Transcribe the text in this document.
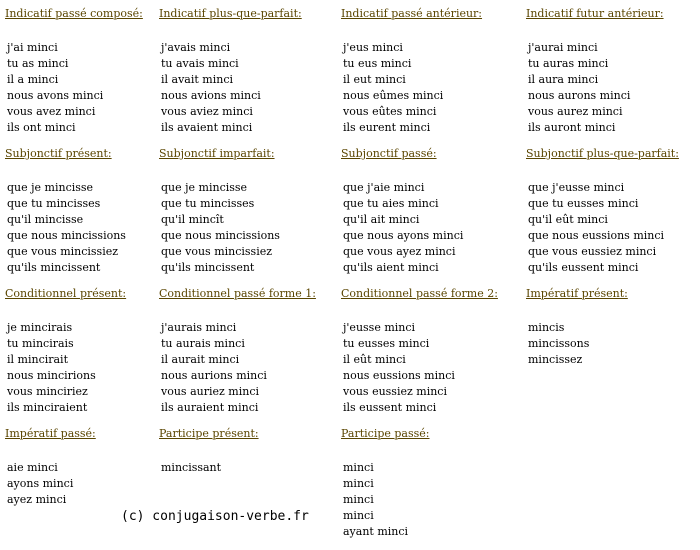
Indicatif passé composé:
j'ai minci
tu as minci
il a minci
nous avons minci
vous avez minci
ils ont minci
Indicatif plus-que-parfait:
j'avais minci
tu avais minci
il avait minci
nous avions minci
vous aviez minci
ils avaient minci
Indicatif passé antérieur:
j'eus minci
tu eus minci
il eut minci
nous eûmes minci
vous eûtes minci
ils eurent minci
Indicatif futur antérieur:
j'aurai minci
tu auras minci
il aura minci
nous aurons minci
vous aurez minci
ils auront minci
Subjonctif présent:
que je mincisse
que tu mincisses
qu'il mincisse
que nous mincissions
que vous mincissiez
qu'ils mincissent
Subjonctif imparfait:
que je mincisse
que tu mincisses
qu'il mincît
que nous mincissions
que vous mincissiez
qu'ils mincissent
Subjonctif passé:
que j'aie minci
que tu aies minci
qu'il ait minci
que nous ayons minci
que vous ayez minci
qu'ils aient minci
Subjonctif plus-que-parfait:
que j'eusse minci
que tu eusses minci
qu'il eût minci
que nous eussions minci
que vous eussiez minci
qu'ils eussent minci
Conditionnel présent:
je mincirais
tu mincirais
il mincirait
nous mincirions
vous minciriez
ils minciraient
Conditionnel passé forme 1:
j'aurais minci
tu aurais minci
il aurait minci
nous aurions minci
vous auriez minci
ils auraient minci
Conditionnel passé forme 2:
j'eusse minci
tu eusses minci
il eût minci
nous eussions minci
vous eussiez minci
ils eussent minci
Impératif présent:
mincis
mincissons
mincissez
Impératif passé:
aie minci
ayons minci
ayez minci
Participe présent:
mincissant
Participe passé:
minci
minci
minci
minci
ayant minci
(c) conjugaison-verbe.fr
